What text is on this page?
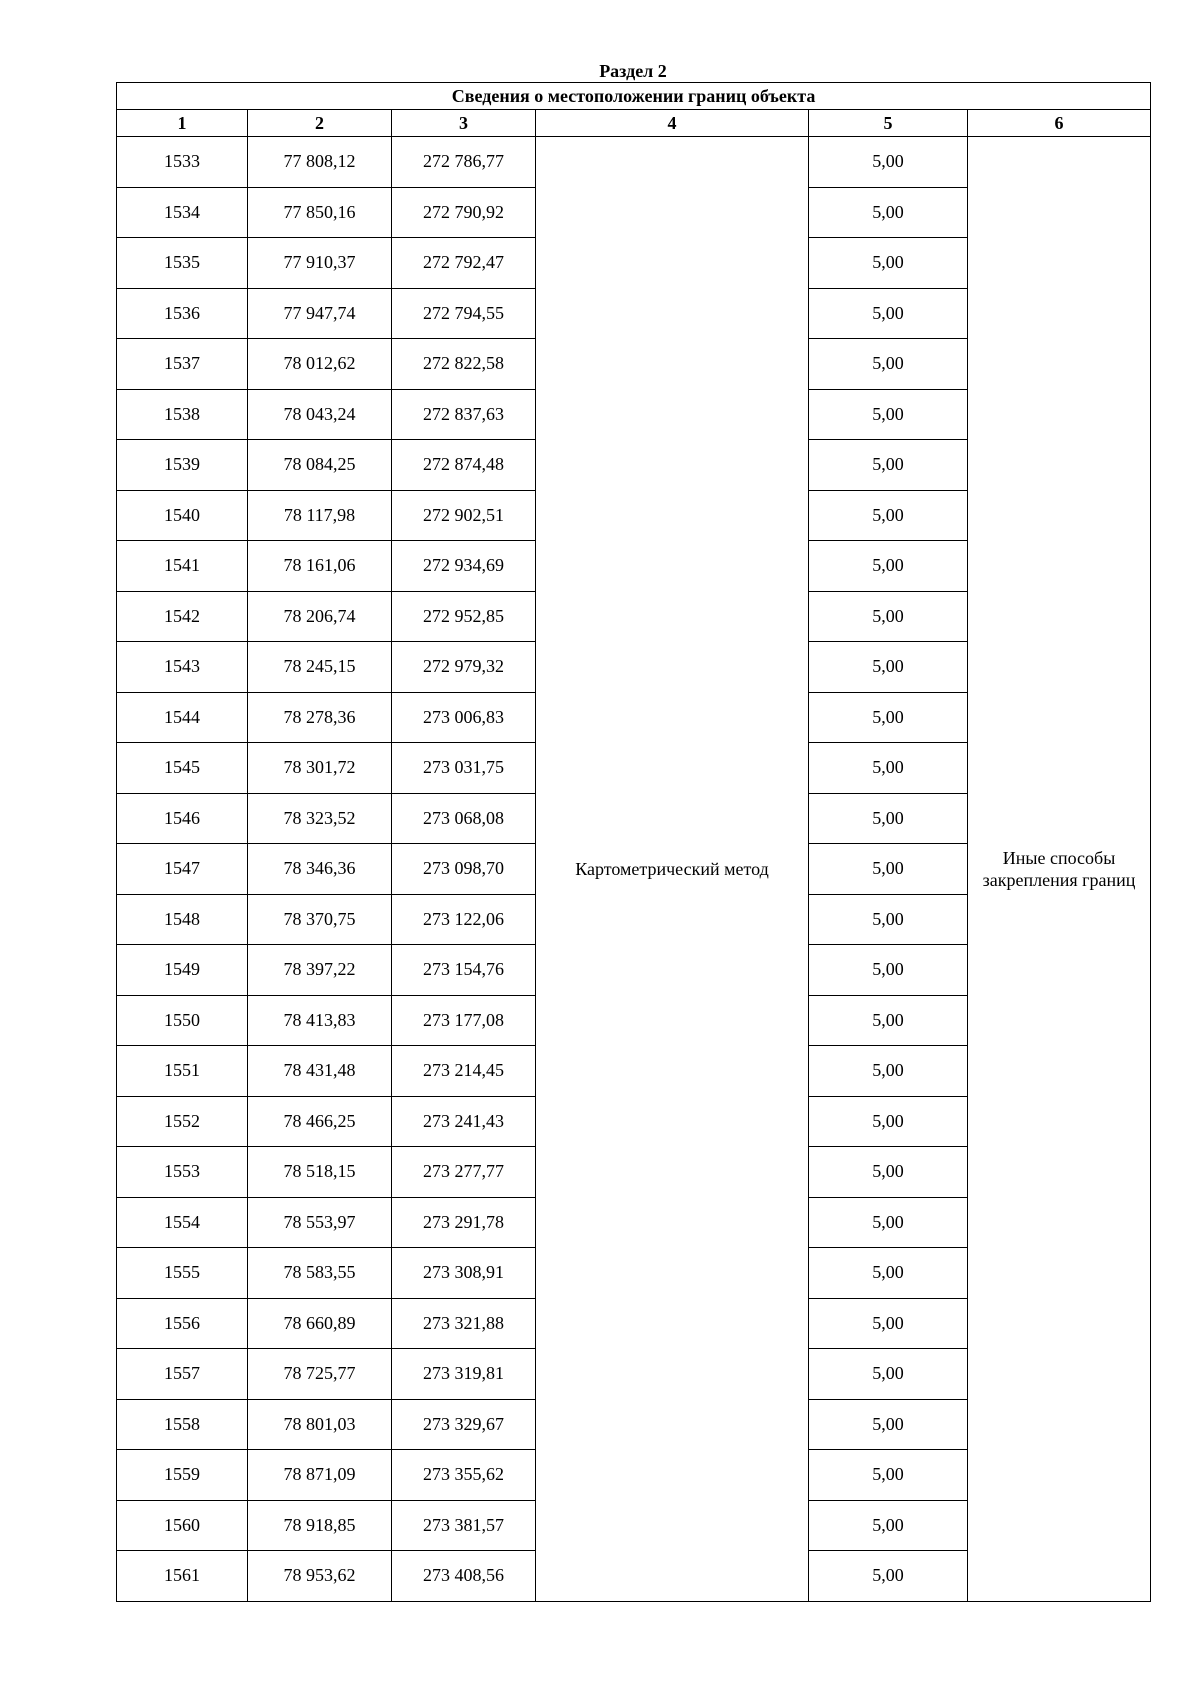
Раздел 2
Сведения о местоположении границ объекта					
1	2	3	4	5	6
1533	77 808,12	272 786,77	Картометрический метод	5,00	Иные способы
закрепления границ

1534	77 850,16	272 790,92		5,00	
1535	77 910,37	272 792,47		5,00	
1536	77 947,74	272 794,55		5,00	
1537	78 012,62	272 822,58		5,00	
1538	78 043,24	272 837,63		5,00	
1539	78 084,25	272 874,48		5,00	
1540	78 117,98	272 902,51		5,00	
1541	78 161,06	272 934,69		5,00	
1542	78 206,74	272 952,85		5,00	
1543	78 245,15	272 979,32		5,00	
1544	78 278,36	273 006,83		5,00	
1545	78 301,72	273 031,75		5,00	
1546	78 323,52	273 068,08		5,00	
1547	78 346,36	273 098,70		5,00	
1548	78 370,75	273 122,06		5,00	
1549	78 397,22	273 154,76		5,00	
1550	78 413,83	273 177,08		5,00	
1551	78 431,48	273 214,45		5,00	
1552	78 466,25	273 241,43		5,00	
1553	78 518,15	273 277,77		5,00	
1554	78 553,97	273 291,78		5,00	
1555	78 583,55	273 308,91		5,00	
1556	78 660,89	273 321,88		5,00	
1557	78 725,77	273 319,81		5,00	
1558	78 801,03	273 329,67		5,00	
1559	78 871,09	273 355,62		5,00	
1560	78 918,85	273 381,57		5,00	
1561	78 953,62	273 408,56		5,00	
